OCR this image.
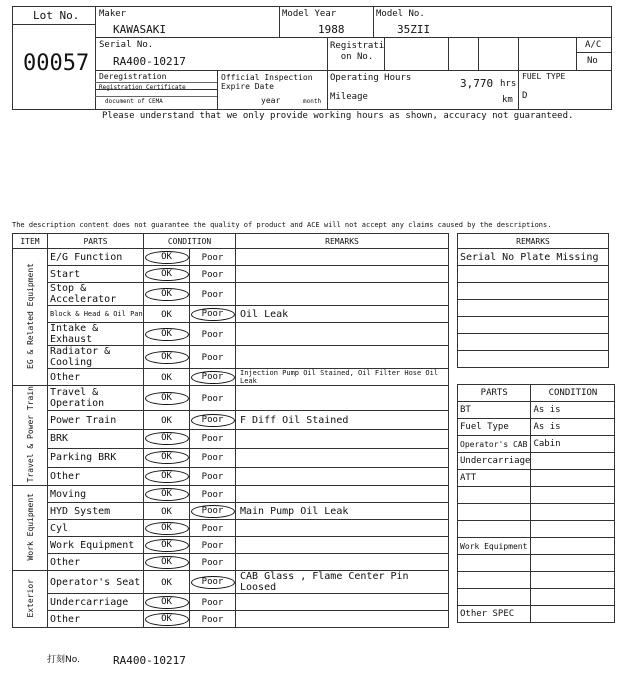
Lot No.
00057
Maker
KAWASAKI
Model Year
1988
Model No.
35ZII
Serial No.
RA400-10217
Registrati on No.
A/C
No
Deregistration
Registration Certificate
document of CEMA
Official Inspection Expire Date
year	month
Operating Hours	3,770 hrs
Mileage	km
FUEL TYPE
D
Please understand that we only provide working hours as shown, accuracy not guaranteed.
The description content does not guarantee the quality of product and ACE will not accept any claims caused by the descriptions.
ITEM	PARTS	CONDITION		REMARKS
EG & Related Equipment	E/G Function	OK	Poor	
	Start	OK	Poor	
	Stop & Accelerator	OK	Poor	
	Block & Head & Oil Pan	OK	Poor	Oil Leak
	Intake & Exhaust	OK	Poor	
	Radiator & Cooling	OK	Poor	
	Other	OK	Poor	Injection Pump Oil Stained, Oil Filter Hose Oil Leak
Travel & Power Train	Travel & Operation	OK	Poor	
	Power Train	OK	Poor	F Diff Oil Stained
	BRK	OK	Poor	
	Parking BRK	OK	Poor	
	Other	OK	Poor	
Work Equipment	Moving	OK	Poor	
	HYD System	OK	Poor	Main Pump Oil Leak
	Cyl	OK	Poor	
	Work Equipment	OK	Poor	
	Other	OK	Poor	
Exterior	Operator's Seat	OK	Poor	CAB Glass , Flame Center Pin Loosed
	Undercarriage	OK	Poor	
	Other	OK	Poor	
REMARKS
Serial No Plate Missing

PARTS	CONDITION
BT	As is
Fuel Type	As is
Operator's CAB	Cabin
Undercarriage	
ATT	

Work Equipment	

Other SPEC	
打刻No.	RA400-10217
